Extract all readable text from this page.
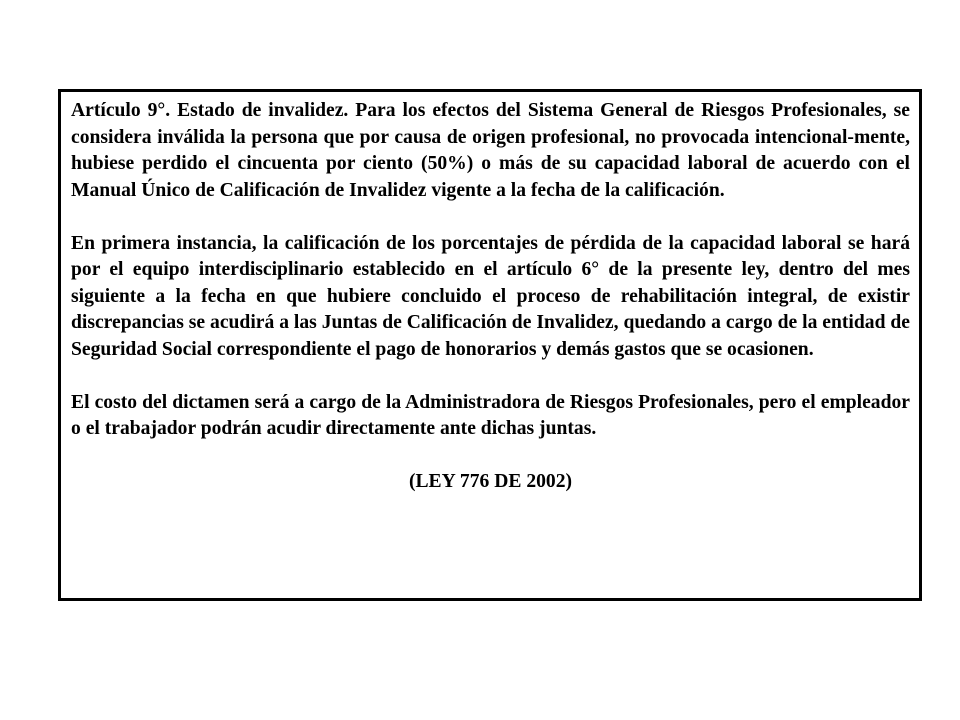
Artículo 9°. Estado de invalidez. Para los efectos del Sistema General de Riesgos Profesionales, se considera inválida la persona que por causa de origen profesional, no provocada intencional-mente, hubiese perdido el cincuenta por ciento (50%) o más de su capacidad laboral de acuerdo con el Manual Único de Calificación de Invalidez vigente a la fecha de la calificación.

En primera instancia, la calificación de los porcentajes de pérdida de la capacidad laboral se hará por el equipo interdisciplinario establecido en el artículo 6° de la presente ley, dentro del mes siguiente a la fecha en que hubiere concluido el proceso de rehabilitación integral, de existir discrepancias se acudirá a las Juntas de Calificación de Invalidez, quedando a cargo de la entidad de Seguridad Social correspondiente el pago de honorarios y demás gastos que se ocasionen.

El costo del dictamen será a cargo de la Administradora de Riesgos Profesionales, pero el empleador o el trabajador podrán acudir directamente ante dichas juntas.

(LEY 776 DE 2002)
